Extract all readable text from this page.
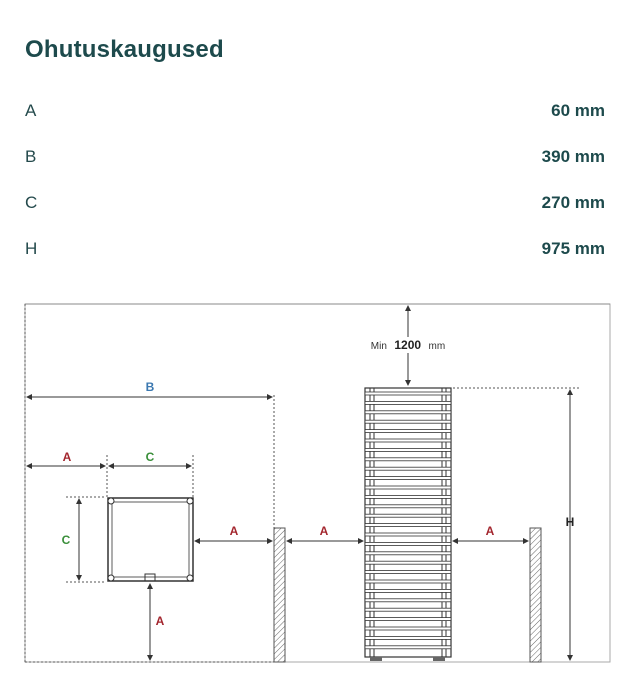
Ohutuskaugused
A	60 mm
B	390 mm
C	270 mm
H	975 mm
B
A	C
C
A
A
A
Min 1200 mm
A
H
